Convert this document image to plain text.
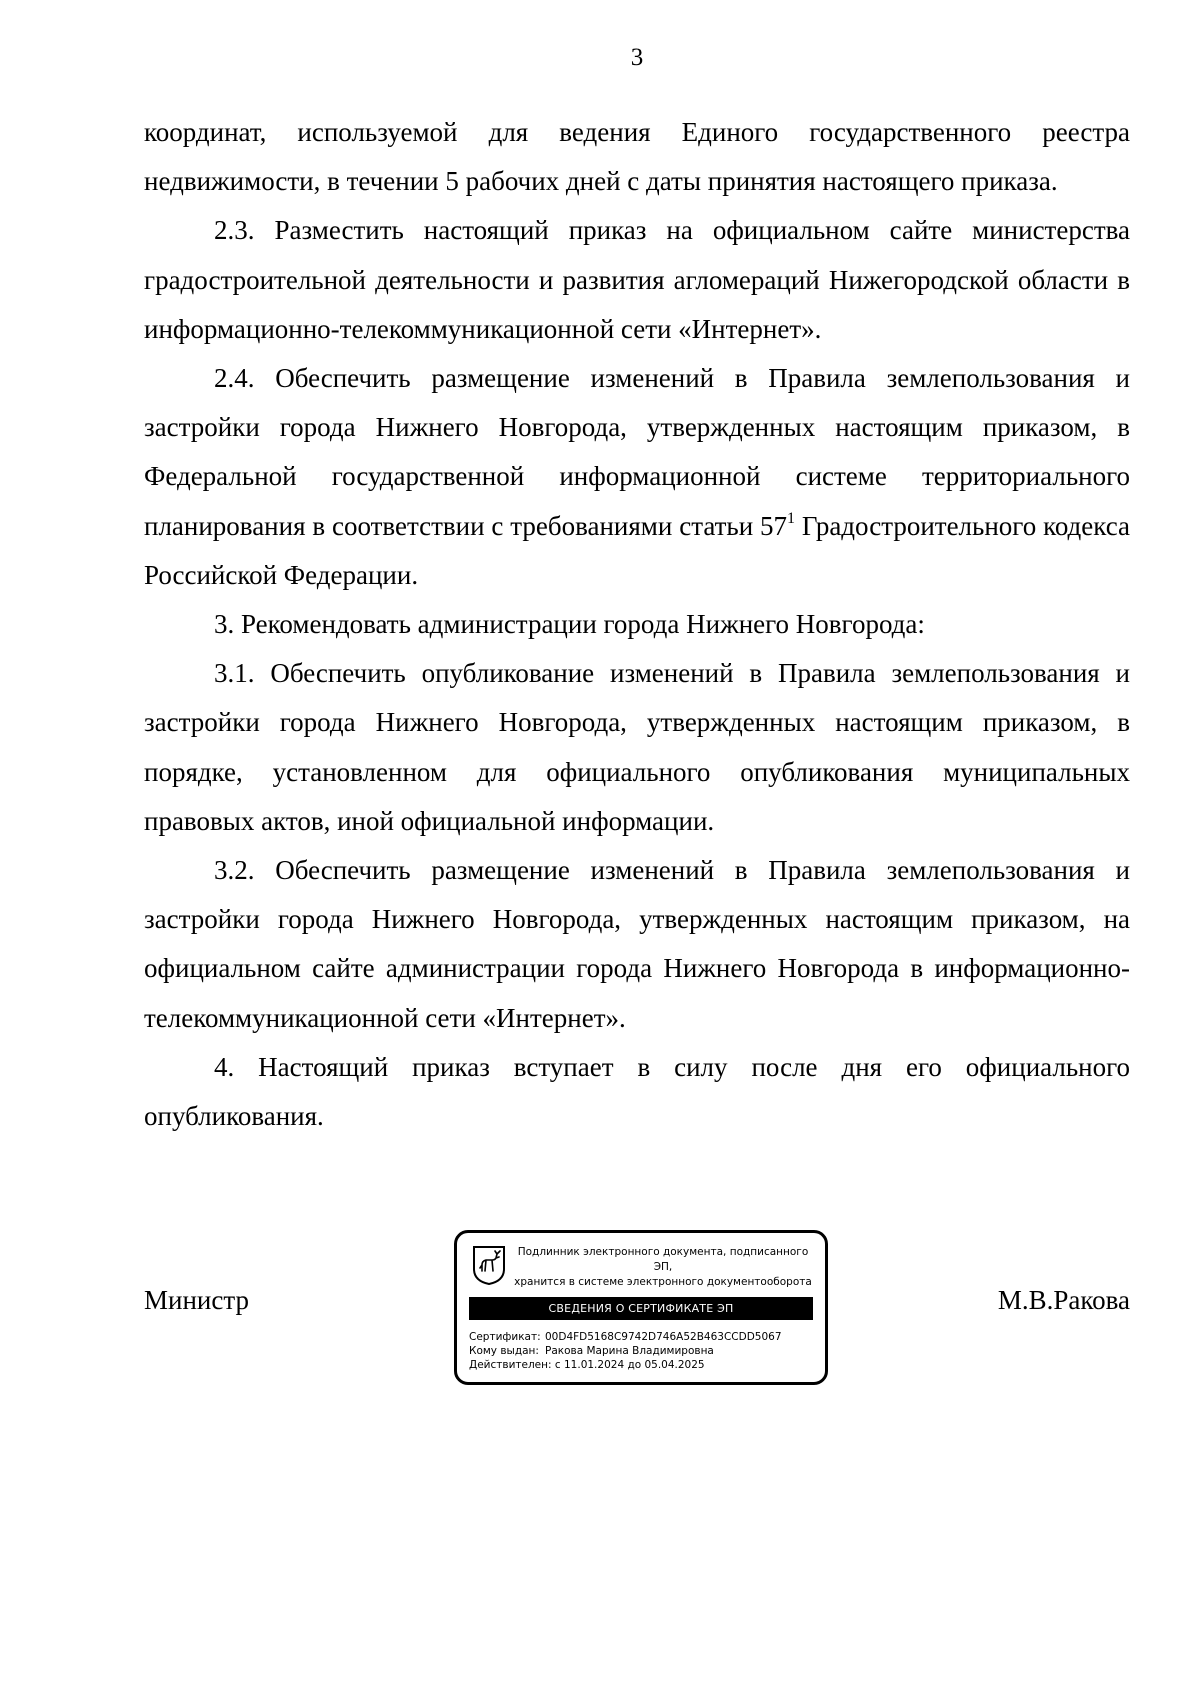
3

координат, используемой для ведения Единого государственного реестра недвижимости, в течении 5 рабочих дней с даты принятия настоящего приказа.

2.3. Разместить настоящий приказ на официальном сайте министерства градостроительной деятельности и развития агломераций Нижегородской области в информационно-телекоммуникационной сети «Интернет».

2.4. Обеспечить размещение изменений в Правила землепользования и застройки города Нижнего Новгорода, утвержденных настоящим приказом, в Федеральной государственной информационной системе территориального планирования в соответствии с требованиями статьи 57$^1$ Градостроительного кодекса Российской Федерации.

3. Рекомендовать администрации города Нижнего Новгорода:

3.1. Обеспечить опубликование изменений в Правила землепользования и застройки города Нижнего Новгорода, утвержденных настоящим приказом, в порядке, установленном для официального опубликования муниципальных правовых актов, иной официальной информации.

3.2. Обеспечить размещение изменений в Правила землепользования и застройки города Нижнего Новгорода, утвержденных настоящим приказом, на официальном сайте администрации города Нижнего Новгорода в информационно-телекоммуникационной сети «Интернет».

4. Настоящий приказ вступает в силу после дня его официального опубликования.

Министр
Подлинник электронного документа, подписанного ЭП,
хранится в системе электронного документооборота
СВЕДЕНИЯ О СЕРТИФИКАТЕ ЭП
Сертификат: 00D4FD5168C9742D746A52B463CCDD5067
Кому выдан: Ракова Марина Владимировна
Действителен: с 11.01.2024 до 05.04.2025
М.В.Ракова
